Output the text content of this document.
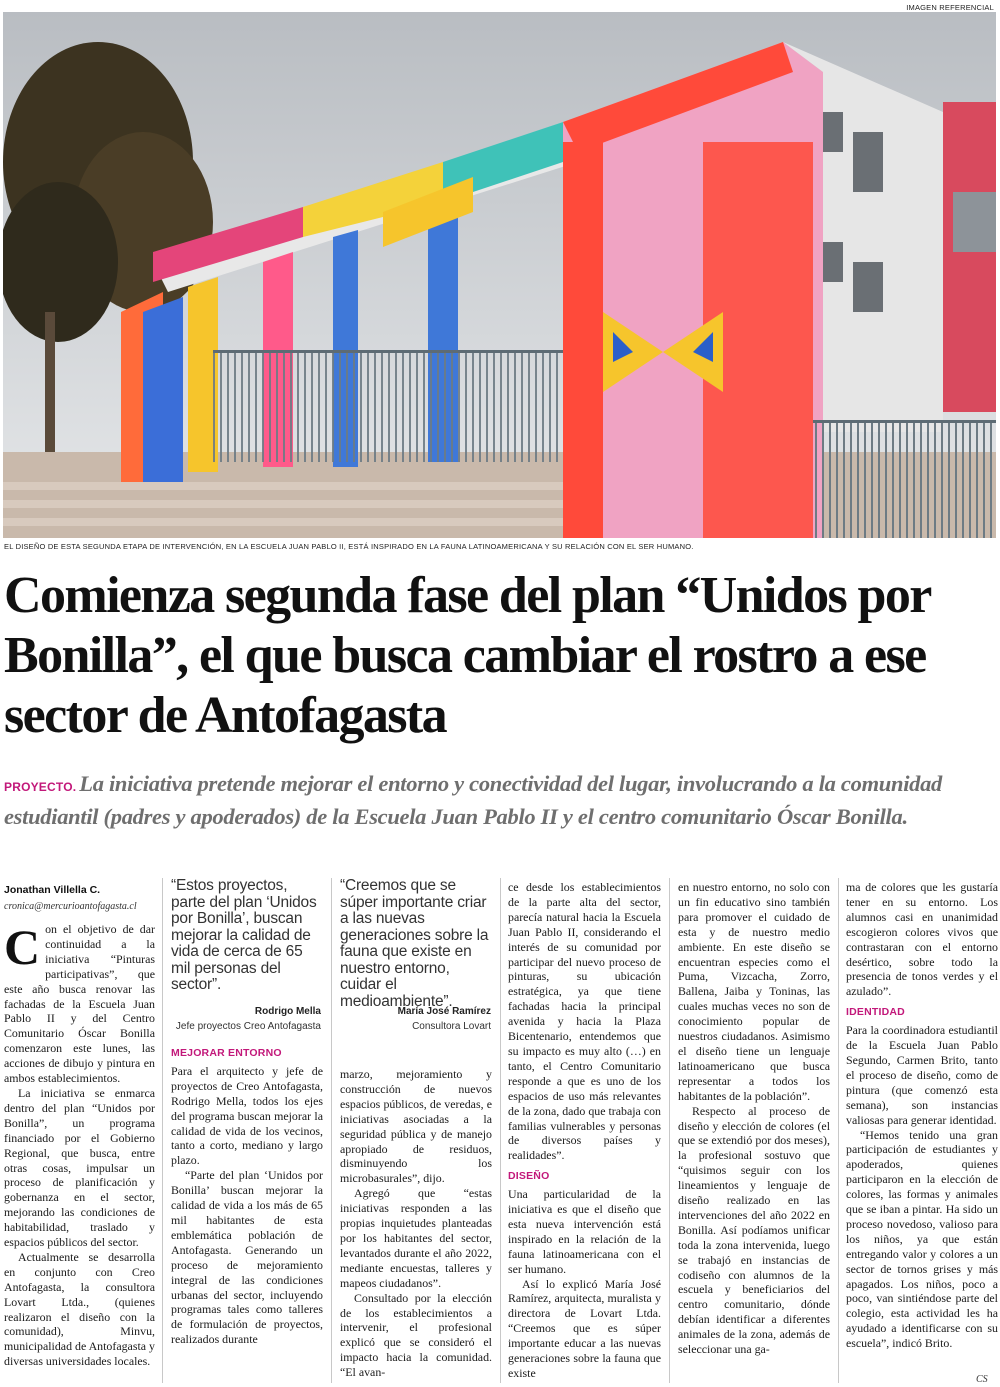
IMAGEN REFERENCIAL
EL DISEÑO DE ESTA SEGUNDA ETAPA DE INTERVENCIÓN, EN LA ESCUELA JUAN PABLO II, ESTÁ INSPIRADO EN LA FAUNA LATINOAMERICANA Y SU RELACIÓN CON EL SER HUMANO.
Comienza segunda fase del plan “Unidos por Bonilla”, el que busca cambiar el rostro a ese sector de Antofagasta
PROYECTO. La iniciativa pretende mejorar el entorno y conectividad del lugar, involucrando a la comunidad estudiantil (padres y apoderados) de la Escuela Juan Pablo II y el centro comunitario Óscar Bonilla.
Jonathan Villella C.
cronica@mercurioantofagasta.cl

Con el objetivo de dar continuidad a la iniciativa “Pinturas participativas”, que este año busca renovar las fachadas de la Escuela Juan Pablo II y del Centro Comunitario Óscar Bonilla comenzaron este lunes, las acciones de dibujo y pintura en ambos establecimientos.

La iniciativa se enmarca dentro del plan “Unidos por Bonilla”, un programa financiado por el Gobierno Regional, que busca, entre otras cosas, impulsar un proceso de planificación y gobernanza en el sector, mejorando las condiciones de habitabilidad, traslado y espacios públicos del sector.

Actualmente se desarrolla en conjunto con Creo Antofagasta, la consultora Lovart Ltda., (quienes realizaron el diseño con la comunidad), Minvu, municipalidad de Antofagasta y diversas universidades locales.

“Estos proyectos, parte del plan ‘Unidos por Bonilla’, buscan mejorar la calidad de vida de cerca de 65 mil personas del sector”.
Rodrigo Mella
Jefe proyectos Creo Antofagasta
“Creemos que se súper importante criar a las nuevas generaciones sobre la fauna que existe en nuestro entorno, cuidar el medioambiente”.
María José Ramírez
Consultora Lovart
MEJORAR ENTORNO

Para el arquitecto y jefe de proyectos de Creo Antofagasta, Rodrigo Mella, todos los ejes del programa buscan mejorar la calidad de vida de los vecinos, tanto a corto, mediano y largo plazo.

“Parte del plan ‘Unidos por Bonilla’ buscan mejorar la calidad de vida a los más de 65 mil habitantes de esta emblemática población de Antofagasta. Generando un proceso de mejoramiento integral de las condiciones urbanas del sector, incluyendo programas tales como talleres de formulación de proyectos, realizados durante

marzo, mejoramiento y construcción de nuevos espacios públicos, de veredas, e iniciativas asociadas a la seguridad pública y de manejo apropiado de residuos, disminuyendo los microbasurales”, dijo.

Agregó que “estas iniciativas responden a las propias inquietudes planteadas por los habitantes del sector, levantados durante el año 2022, mediante encuestas, talleres y mapeos ciudadanos”.

Consultado por la elección de los establecimientos a intervenir, el profesional explicó que se consideró el impacto hacia la comunidad. “El avan-

ce desde los establecimientos de la parte alta del sector, parecía natural hacia la Escuela Juan Pablo II, considerando el interés de su comunidad por participar del nuevo proceso de pinturas, su ubicación estratégica, ya que tiene fachadas hacia la principal avenida y hacia la Plaza Bicentenario, entendemos que su impacto es muy alto (…) en tanto, el Centro Comunitario responde a que es uno de los espacios de uso más relevantes de la zona, dado que trabaja con familias vulnerables y personas de diversos países y realidades”.

DISEÑO

Una particularidad de la iniciativa es que el diseño que esta nueva intervención está inspirado en la relación de la fauna latinoamericana con el ser humano.

Así lo explicó María José Ramírez, arquitecta, muralista y directora de Lovart Ltda. “Creemos que es súper importante educar a las nuevas generaciones sobre la fauna que existe

en nuestro entorno, no solo con un fin educativo sino también para promover el cuidado de esta y de nuestro medio ambiente. En este diseño se encuentran especies como el Puma, Vizcacha, Zorro, Ballena, Jaiba y Toninas, las cuales muchas veces no son de conocimiento popular de nuestros ciudadanos. Asimismo el diseño tiene un lenguaje latinoamericano que busca representar a todos los habitantes de la población”.

Respecto al proceso de diseño y elección de colores (el que se extendió por dos meses), la profesional sostuvo que “quisimos seguir con los lineamientos y lenguaje de diseño realizado en las intervenciones del año 2022 en Bonilla. Así podíamos unificar toda la zona intervenida, luego se trabajó en instancias de codiseño con alumnos de la escuela y beneficiarios del centro comunitario, dónde debían identificar a diferentes animales de la zona, además de seleccionar una ga-

ma de colores que les gustaría tener en su entorno. Los alumnos casi en unanimidad escogieron colores vivos que contrastaran con el entorno desértico, sobre todo la presencia de tonos verdes y el azulado”.

IDENTIDAD

Para la coordinadora estudiantil de la Escuela Juan Pablo Segundo, Carmen Brito, tanto el proceso de diseño, como de pintura (que comenzó esta semana), son instancias valiosas para generar identidad.

“Hemos tenido una gran participación de estudiantes y apoderados, quienes participaron en la elección de colores, las formas y animales que se iban a pintar. Ha sido un proceso novedoso, valioso para los niños, ya que están entregando valor y colores a un sector de tornos grises y más apagados. Los niños, poco a poco, van sintiéndose parte del colegio, esta actividad les ha ayudado a identificarse con su escuela”, indicó Brito.

CS
